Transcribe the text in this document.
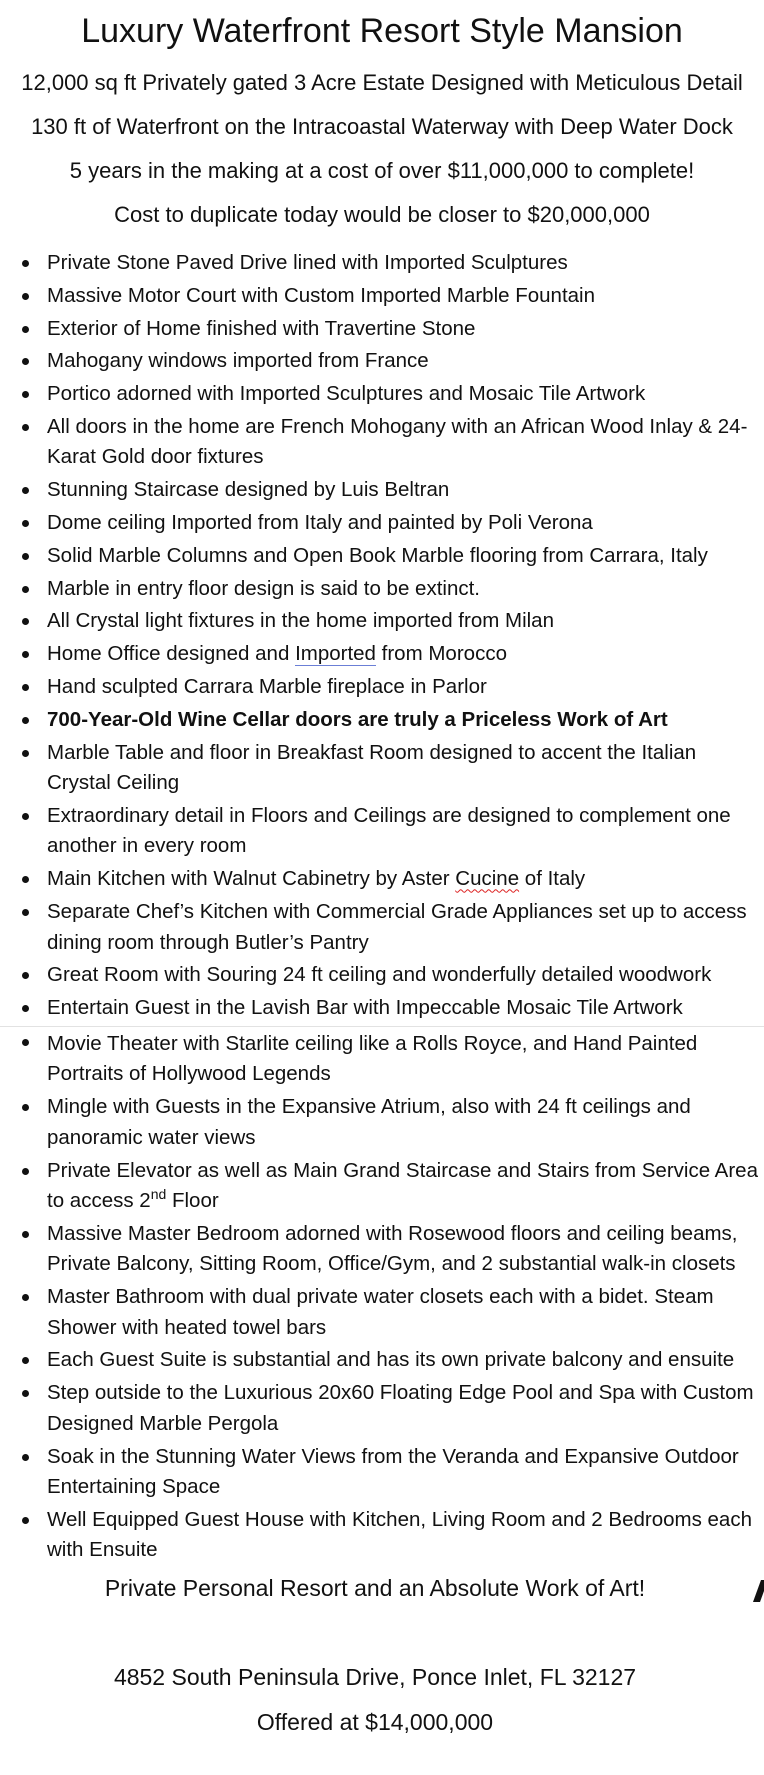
Luxury Waterfront Resort Style Mansion
12,000 sq ft Privately gated 3 Acre Estate Designed with Meticulous Detail
130 ft of Waterfront on the Intracoastal Waterway with Deep Water Dock
5 years in the making at a cost of over $11,000,000 to complete!
Cost to duplicate today would be closer to $20,000,000
Private Stone Paved Drive lined with Imported Sculptures
Massive Motor Court with Custom Imported Marble Fountain
Exterior of Home finished with Travertine Stone
Mahogany windows imported from France
Portico adorned with Imported Sculptures and Mosaic Tile Artwork
All doors in the home are French Mohogany with an African Wood Inlay & 24-Karat Gold door fixtures
Stunning Staircase designed by Luis Beltran
Dome ceiling Imported from Italy and painted by Poli Verona
Solid Marble Columns and Open Book Marble flooring from Carrara, Italy
Marble in entry floor design is said to be extinct.
All Crystal light fixtures in the home imported from Milan
Home Office designed and Imported from Morocco
Hand sculpted Carrara Marble fireplace in Parlor
700-Year-Old Wine Cellar doors are truly a Priceless Work of Art
Marble Table and floor in Breakfast Room designed to accent the Italian Crystal Ceiling
Extraordinary detail in Floors and Ceilings are designed to complement one another in every room
Main Kitchen with Walnut Cabinetry by Aster Cucine of Italy
Separate Chef’s Kitchen with Commercial Grade Appliances set up to access dining room through Butler’s Pantry
Great Room with Souring 24 ft ceiling and wonderfully detailed woodwork
Entertain Guest in the Lavish Bar with Impeccable Mosaic Tile Artwork
Movie Theater with Starlite ceiling like a Rolls Royce, and Hand Painted Portraits of Hollywood Legends
Mingle with Guests in the Expansive Atrium, also with 24 ft ceilings and panoramic water views
Private Elevator as well as Main Grand Staircase and Stairs from Service Area to access 2nd Floor
Massive Master Bedroom adorned with Rosewood floors and ceiling beams, Private Balcony, Sitting Room, Office/Gym, and 2 substantial walk-in closets
Master Bathroom with dual private water closets each with a bidet. Steam Shower with heated towel bars
Each Guest Suite is substantial and has its own private balcony and ensuite
Step outside to the Luxurious 20x60 Floating Edge Pool and Spa with Custom Designed Marble Pergola
Soak in the Stunning Water Views from the Veranda and Expansive Outdoor Entertaining Space
Well Equipped Guest House with Kitchen, Living Room and 2 Bedrooms each with Ensuite
Private Personal Resort and an Absolute Work of Art!
4852 South Peninsula Drive, Ponce Inlet, FL 32127
Offered at $14,000,000
